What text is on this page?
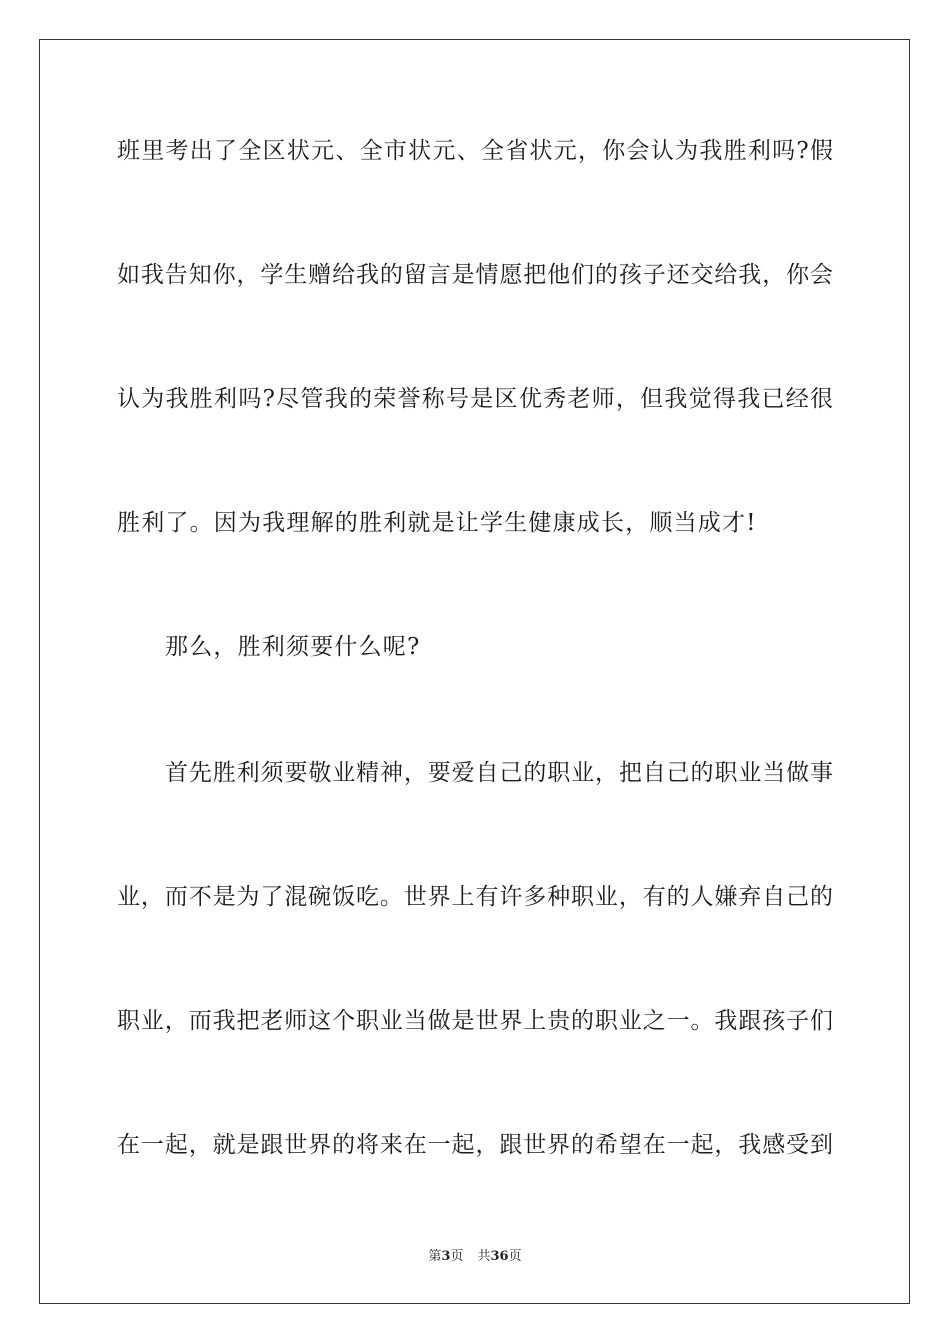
班里考出了全区状元、全市状元、全省状元，你会认为我胜利吗?假
如我告知你，学生赠给我的留言是情愿把他们的孩子还交给我，你会
认为我胜利吗?尽管我的荣誉称号是区优秀老师，但我觉得我已经很
胜利了。因为我理解的胜利就是让学生健康成长，顺当成才!
那么，胜利须要什么呢?
首先胜利须要敬业精神，要爱自己的职业，把自己的职业当做事
业，而不是为了混碗饭吃。世界上有许多种职业，有的人嫌弃自己的
职业，而我把老师这个职业当做是世界上贵的职业之一。我跟孩子们
在一起，就是跟世界的将来在一起，跟世界的希望在一起，我感受到
第3页 共36页
